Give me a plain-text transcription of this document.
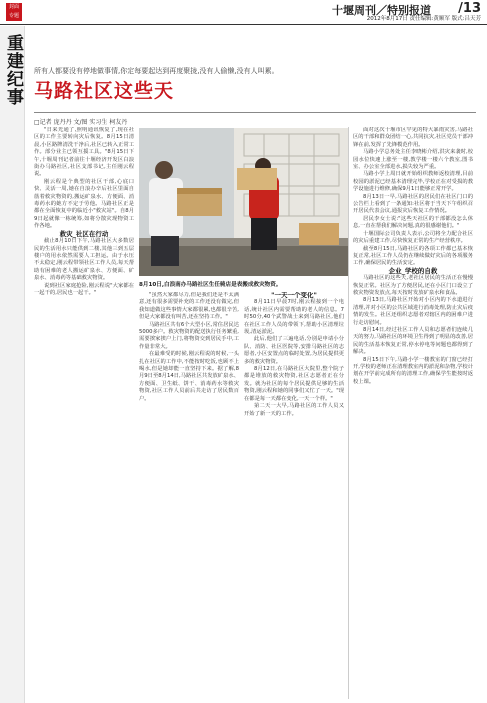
封面
专题	十堰周刊／特别报道 /13
2012年8月17日 责任编辑:黄顺军 版式:吕天芳
重建纪事 所有人都要没有停地做事情,你定每要起达到再度聚拢,没有人偷懒,没有人叫累。
马路社区这些天
□记者 庞丹丹 文/图 实习生 柯友丹

"日来光通了,照明通讯恢复了,现在社区的工作主要转向灾后恢复。8月15日清晨,小区路牌清洗干净后,社区已转入正常工作。部分业主已领互援工具。"8月15日下午,十堰周刊记者前往十堰经济开发区白浪街办马路社区,社区支部书记,主任刚云程说。

刚云程是个典型的社区干部,心底口快、灵活一周,她在自浪办辛后社区里面自筋着救灾物资的,搬运矿泉水、方便面、消毒药水的她方不定于劳他。马路社区正是都在全面恢复中的临近小"救灾站"。自8月9日起就像一栋统筹,如将分散灾现物资工作各地。

救灾_社区在行动

截止8月10日下午,马路社区大多数居民的生活用水只能供到二楼,其他三到五层楼户的用水依然需要人工担运。由于水压不太稳定,刚云程带领社区工作人员,每天帮助有困难的老人搬运矿泉水、方便面、矿泉水、消毒药等基础救灾物资。

说到社区家庭抢险,刚云程说"大家都在一起干的,居民也一起干。"

8月10日,白浪南办马路社区生任骑店是表搬成救灾物资。

"虽然大家都尽力,但是我们还是不太满意,还有很多需要补充的工作还没有做完,但我知道做这些事情大家都很累,也都很辛苦,但是大家都没有叫苦,还在坚持工作。"

马路社区共有6个大型小区,常住居民达5000多户。救灾物资的配送执行任务繁重,需要挨家挨户上门,将物资交到居民手中,工作量非常大。

在最难受的时候,刚云程说的时候,一头扎在社区的工作中,不能按时吃饭,也顾不上喝水,但是她却能一直坚持下来。据了解,8月9日至8月14日,马路社区共发放矿泉水、方便面、卫生纸、饼干、消毒药水等救灾物资,社区工作人员前后共走访了居民数百户。

"一天一个变化"

8月11日早晨7时,刚云程接到一个电话,统计社区内需要帮助的老人的信息。7时50分,40个武警战士来到马路社区,他们在社区工作人员的带领下,帮助小区清理垃圾,清运淤泥。

此后,他们了三遍电话,分别是申请小分队、消防、社区医院等,安排马路社区的志愿者,小区安置点的临时处置,为居民提供更多的救灾物资。

8月12日,在马路社区大院里,整个院子都是堆放的救灾物资,社区志愿者正在分发。就为社区的每个居民提供足够的生活物资,刚云程和她的同事们又忙了一天。"现在都是每一天都在变化,一天一个样。"

第二天一大早,马路社区的工作人员又开始了新一天的工作。

面对这次十堰市区罕见的特大暴雨灾害,马路社区的干部和群众团结一心,共同抗灾,社区党员干部冲锋在前,发挥了先锋模范作用。

马路小学总务处主任李晓彬介绍,洪灾来袭时,校园水位快速上涨至一楼,教学楼一楼六个教室,图书室、办公室全部进水,损失较为严重。

马路小学上周日就开始组织教师返校清理,目前校园的淤泥已经基本清理完毕,学校正在对受损的教学设施进行维修,确保9月1日能够正常开学。

8月13日一早,马路社区的居民们在社区门口的公告栏上看到了一条通知:社区将于当天下午组织召开居民代表会议,通报灾后恢复工作情况。

居民李女士说:"这些天社区的干部都没怎么休息,一直在帮我们解决问题,真的很感谢他们。"

十堰国际公司负责人表示,公司将全力配合社区的灾后重建工作,尽快恢复正常的生产经营秩序。

截至8月15日,马路社区的各项工作都已基本恢复正常,社区工作人员仍在继续做好灾后的各项服务工作,确保居民的生活安定。

企业_学校的自救

马路社区的这些天,老社区居民的生活正在慢慢恢复正常。社区为了方便居民,还在小区门口设立了救灾物资发放点,每天按时发放矿泉水和食品。

8月13日,马路社区开始对小区内的下水道进行清理,并对小区的公共区域进行消毒处理,防止灾后疫情的发生。社区还组织志愿者对辖区内的困难户进行走访慰问。

8月14日,经过社区工作人员和志愿者们连续几天的努力,马路社区的环境卫生得到了明显的改善,居民的生活基本恢复正常,停水停电等问题也都得到了解决。

8月15日下午,马路小学一楼教室的门窗已经打开,学校的老师正在清理教室内的淤泥和杂物,学校计划在开学前完成所有的清理工作,确保学生能按时返校上课。
